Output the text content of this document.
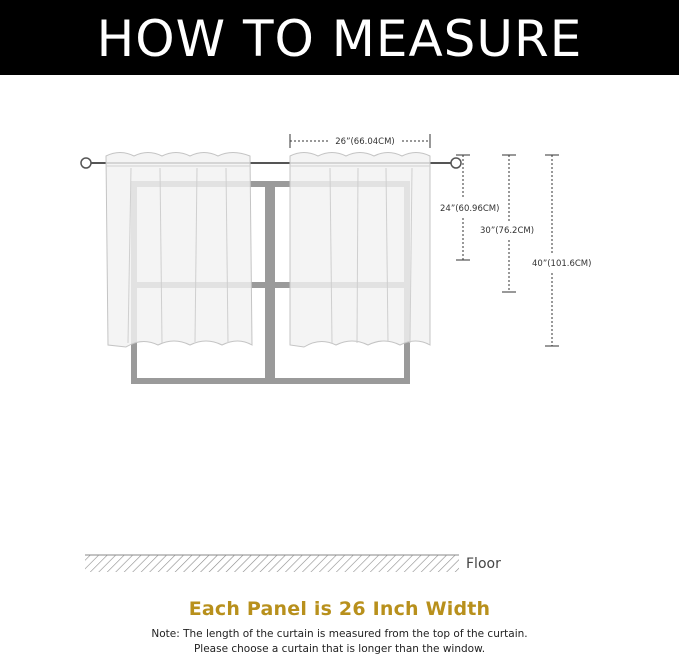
HOW TO MEASURE
26”(66.04CM)
24”(60.96CM)
30”(76.2CM)
40”(101.6CM)
Floor
Each Panel is 26 Inch Width
Note: The length of the curtain is measured from the top of the curtain.
Please choose a curtain that is longer than the window.
